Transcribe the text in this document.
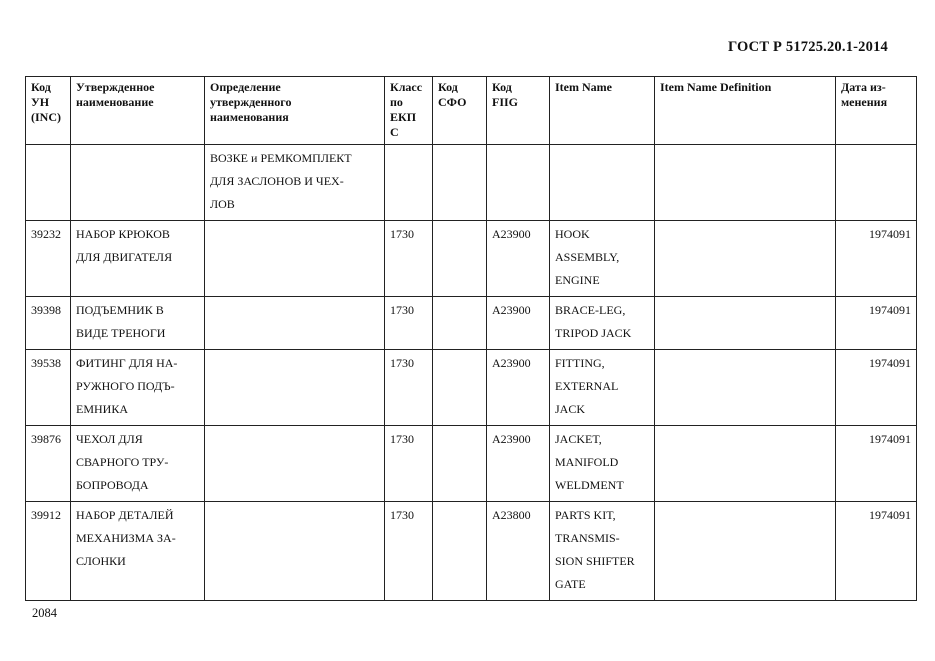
ГОСТ Р 51725.20.1-2014
Код
УН
(INC)	Утвержденное
наименование	Определение
утвержденного
наименования	Класс
по
ЕКП
С	Код
СФО	Код
FIIG	Item Name	Item Name Definition	Дата из-
менения

		ВОЗКЕ и РЕМКОМПЛЕКТ
ДЛЯ ЗАСЛОНОВ И ЧЕХ-
ЛОВ						

39232	НАБОР КРЮКОВ
ДЛЯ ДВИГАТЕЛЯ		1730		A23900	HOOK
ASSEMBLY,
ENGINE		1974091
39398	ПОДЪЕМНИК В
ВИДЕ ТРЕНОГИ		1730		A23900	BRACE-LEG,
TRIPOD JACK		1974091
39538	ФИТИНГ ДЛЯ НА-
РУЖНОГО ПОДЪ-
ЕМНИКА		1730		A23900	FITTING,
EXTERNAL
JACK		1974091
39876	ЧЕХОЛ ДЛЯ
СВАРНОГО ТРУ-
БОПРОВОДА		1730		A23900	JACKET,
MANIFOLD
WELDMENT		1974091
39912	НАБОР ДЕТАЛЕЙ
МЕХАНИЗМА ЗА-
СЛОНКИ		1730		A23800	PARTS KIT,
TRANSMIS-
SION SHIFTER
GATE		1974091
2084
